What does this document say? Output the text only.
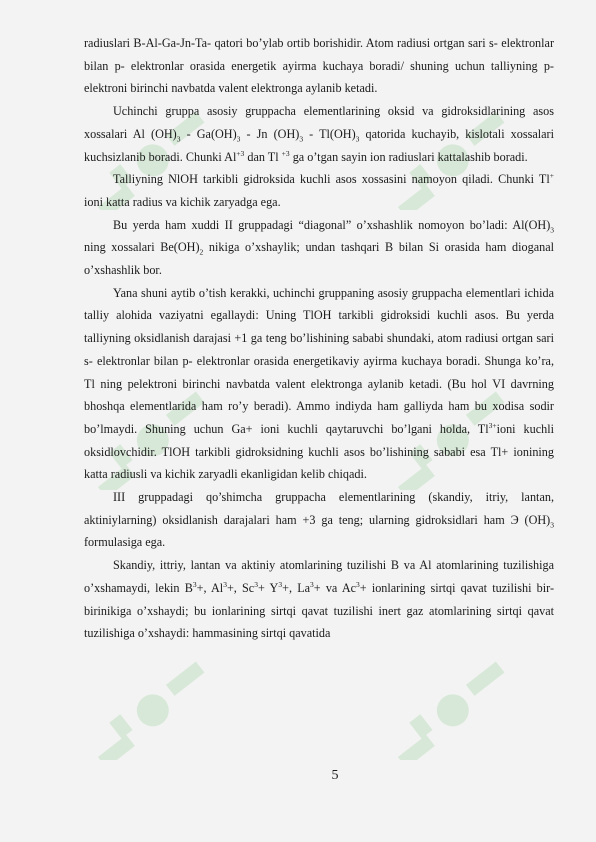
radiuslari B-Al-Ga-Jn-Ta- qatori bo’ylab ortib borishidir. Atom radiusi ortgan sari s- elektronlar bilan p- elektronlar orasida energetik ayirma kuchaya boradi/ shuning uchun talliyning p-elektroni birinchi navbatda valent elektronga aylanib ketadi.

Uchinchi gruppa asosiy gruppacha elementlarining oksid va gidroksidlarining asos xossalari Al $(OH)_3 - Ga(OH)_3$ - Jn $(OH)_3 - Tl(OH)_3$ qatorida kuchayib, kislotali xossalari kuchsizlanib boradi. Chunki $Al^{+3}$ dan Tl $^{+3}$ ga o’tgan sayin ion radiuslari kattalashib boradi.

Talliyning NlOH tarkibli gidroksida kuchli asos xossasini namoyon qiladi. Chunki Tl+ ioni katta radius va kichik zaryadga ega.

Bu yerda ham xuddi II gruppadagi “diagonal” o’xshashlik nomoyon bo’ladi: $Al(OH)_3$ ning xossalari $Be(OH)_2$ nikiga o’xshaylik; undan tashqari B bilan Si orasida ham dioganal o’xshashlik bor.

Yana shuni aytib o’tish kerakki, uchinchi gruppaning asosiy gruppacha elementlari ichida talliy alohida vaziyatni egallaydi: Uning TlOH tarkibli gidroksidi kuchli asos. Bu yerda talliyning oksidlanish darajasi +1 ga teng bo’lishining sababi shundaki, atom radiusi ortgan sari s- elektronlar bilan p- elektronlar orasida energetikaviy ayirma kuchaya boradi. Shunga ko’ra, Tl ning pelektroni birinchi navbatda valent elektronga aylanib ketadi. (Bu hol VI davrning bhoshqa elementlarida ham ro’y beradi). Ammo indiyda ham galliyda ham bu xodisa sodir bo’lmaydi. Shuning uchun Ga+ ioni kuchli qaytaruvchi bo’lgani holda, $Tl^{3+}ioni$ kuchli oksidlovchidir. TlOH tarkibli gidroksidning kuchli asos bo’lishining sababi esa Tl+ ionining katta radiusli va kichik zaryadli ekanligidan kelib chiqadi.

III gruppadagi qo’shimcha gruppacha elementlarining (skandiy, itriy, lantan, aktiniylarning) oksidlanish darajalari ham +3 ga teng; ularning gidroksidlari ham Э $(OH)_3$ formulasiga ega.

Skandiy, ittriy, lantan va aktiniy atomlarining tuzilishi B va Al atomlarining tuzilishiga o’xshamaydi, lekin $B^3+$, $Al^3+$, $Sc^3+ Y^3+$, $La^3+$ va $Ac^3+$ ionlarining sirtqi qavat tuzilishi bir-birinikiga o’xshaydi; bu ionlarining sirtqi qavat tuzilishi inert gaz atomlarining sirtqi qavat tuzilishiga o’xshaydi: hammasining sirtqi qavatida

5
